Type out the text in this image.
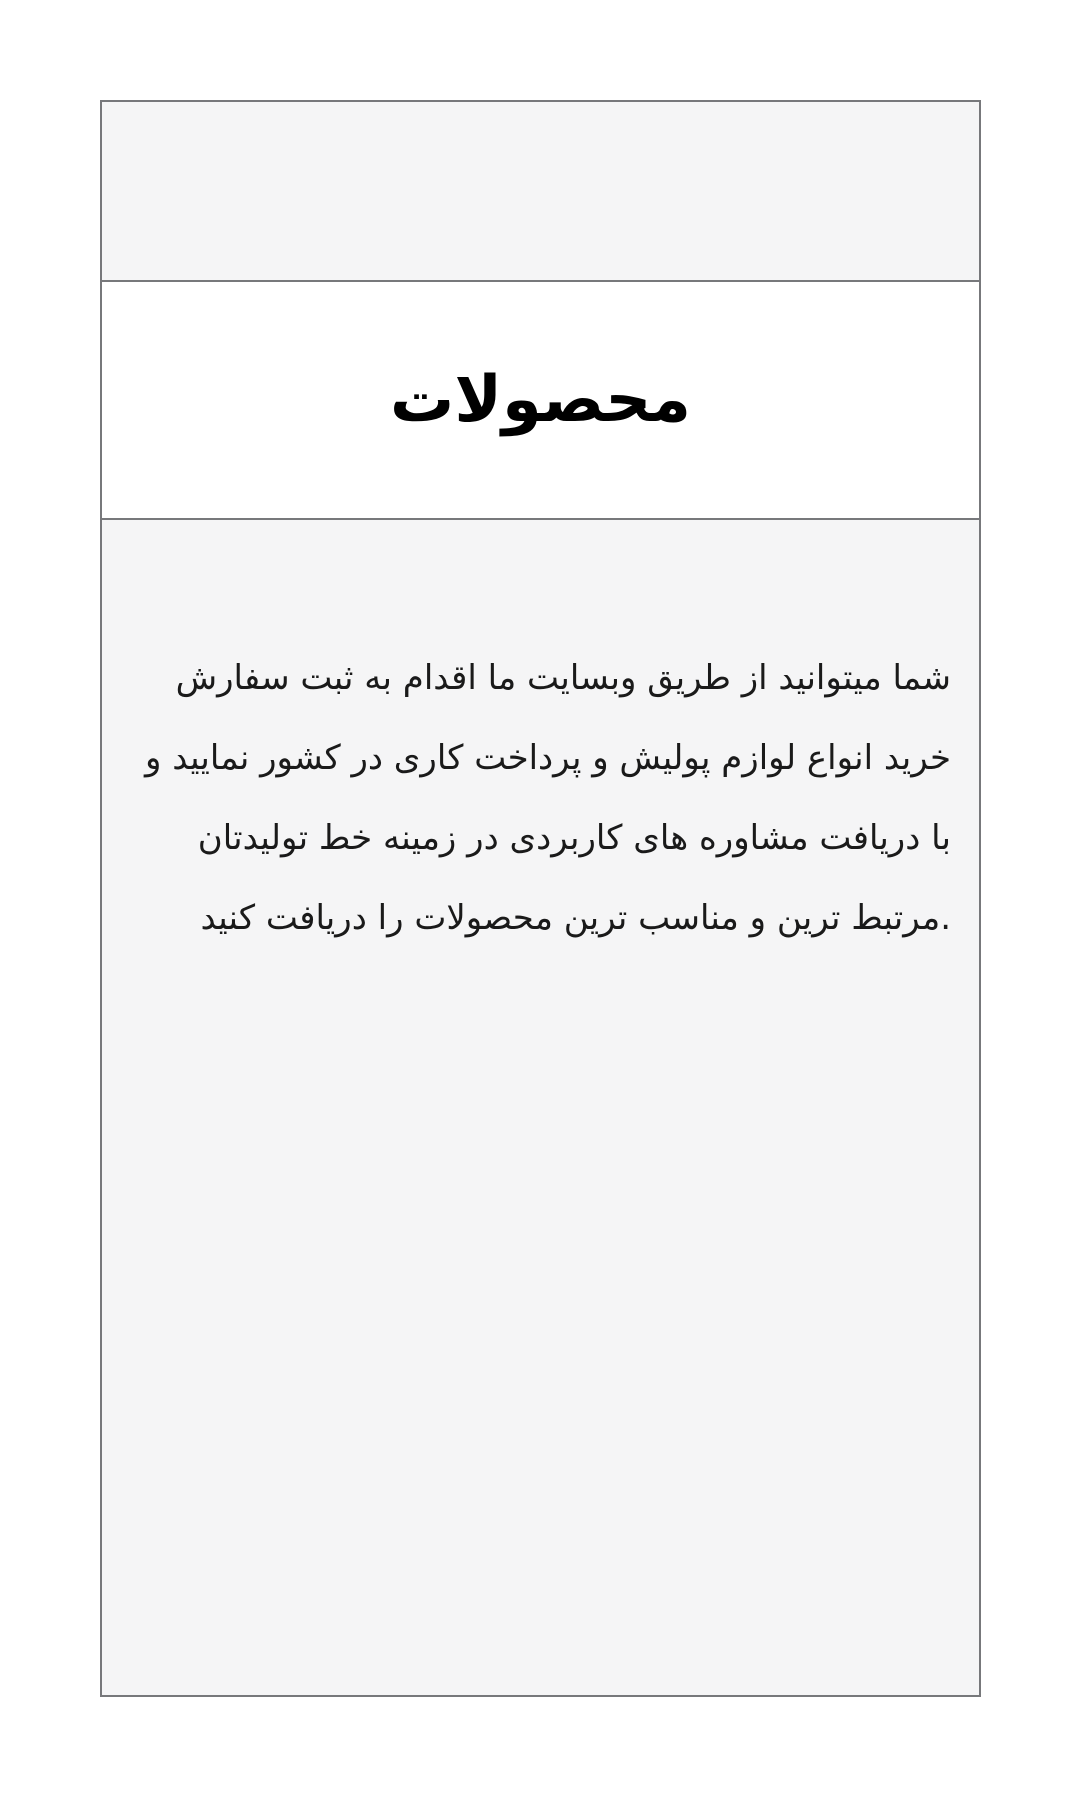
محصولات

شما میتوانید از طریق وبسایت ما اقدام به ثبت سفارش خرید انواع لوازم پولیش و پرداخت کاری در کشور نمایید و با دریافت مشاوره های کاربردی در زمینه خط تولیدتان مرتبط ترین و مناسب ترین محصولات را دریافت کنید.
